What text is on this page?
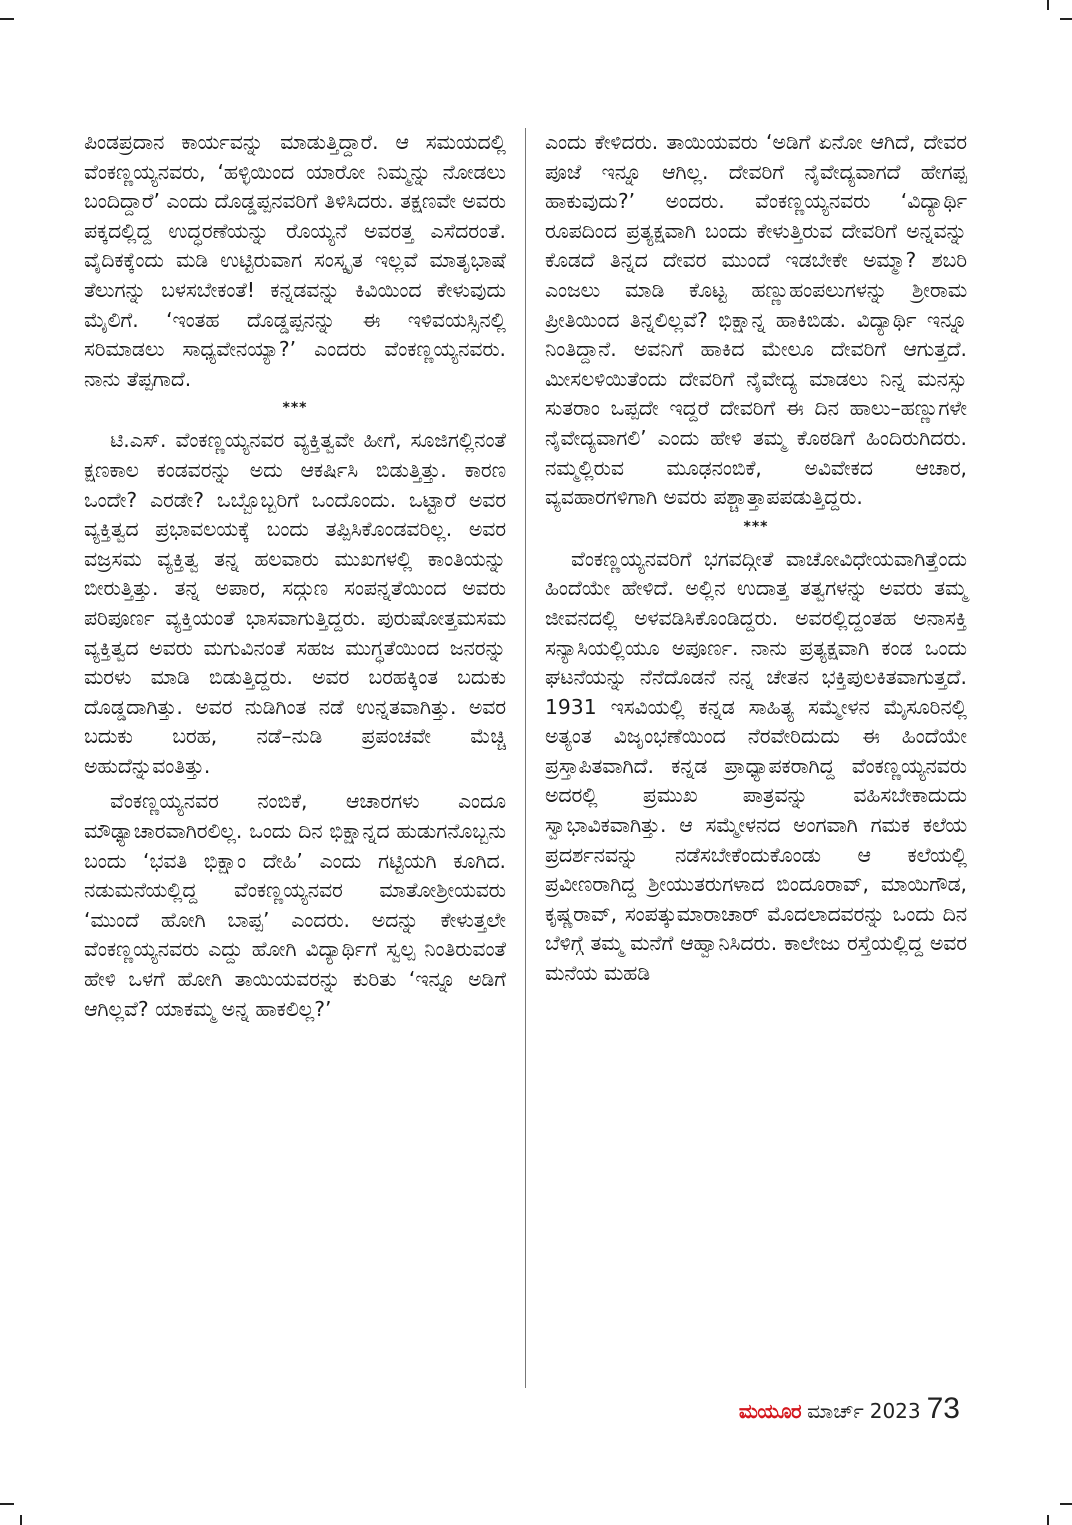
ಪಿಂಡಪ್ರದಾನ ಕಾರ್ಯವನ್ನು ಮಾಡುತ್ತಿದ್ದಾರೆ. ಆ ಸಮಯದಲ್ಲಿ ವೆಂಕಣ್ಣಯ್ಯನವರು, ‘ಹಳ್ಳಿಯಿಂದ ಯಾರೋ ನಿಮ್ಮನ್ನು ನೋಡಲು ಬಂದಿದ್ದಾರೆ’ ಎಂದು ದೊಡ್ಡಪ್ಪನವರಿಗೆ ತಿಳಿಸಿದರು. ತಕ್ಷಣವೇ ಅವರು ಪಕ್ಕದಲ್ಲಿದ್ದ ಉದ್ಧರಣೆಯನ್ನು ರೊಯ್ಯನೆ ಅವರತ್ತ ಎಸೆದರಂತೆ. ವೈದಿಕಕ್ಕೆಂದು ಮಡಿ ಉಟ್ಟಿರುವಾಗ ಸಂಸ್ಕೃತ ಇಲ್ಲವೆ ಮಾತೃಭಾಷೆ ತೆಲುಗನ್ನು ಬಳಸಬೇಕಂತೆ! ಕನ್ನಡವನ್ನು ಕಿವಿಯಿಂದ ಕೇಳುವುದು ಮೈಲಿಗೆ. ‘ಇಂತಹ ದೊಡ್ಡಪ್ಪನನ್ನು ಈ ಇಳಿವಯಸ್ಸಿನಲ್ಲಿ ಸರಿಮಾಡಲು ಸಾಧ್ಯವೇನಯ್ಯಾ?’ ಎಂದರು ವೆಂಕಣ್ಣಯ್ಯನವರು. ನಾನು ತೆಪ್ಪಗಾದೆ.

***

ಟಿ.ಎಸ್. ವೆಂಕಣ್ಣಯ್ಯನವರ ವ್ಯಕ್ತಿತ್ವವೇ ಹೀಗೆ, ಸೂಜಿಗಲ್ಲಿನಂತೆ ಕ್ಷಣಕಾಲ ಕಂಡವರನ್ನು ಅದು ಆಕರ್ಷಿಸಿ ಬಿಡುತ್ತಿತ್ತು. ಕಾರಣ ಒಂದೇ? ಎರಡೇ? ಒಬ್ಬೊಬ್ಬರಿಗೆ ಒಂದೊಂದು. ಒಟ್ಟಾರೆ ಅವರ ವ್ಯಕ್ತಿತ್ವದ ಪ್ರಭಾವಲಯಕ್ಕೆ ಬಂದು ತಪ್ಪಿಸಿಕೊಂಡವರಿಲ್ಲ. ಅವರ ವಜ್ರಸಮ ವ್ಯಕ್ತಿತ್ವ ತನ್ನ ಹಲವಾರು ಮುಖಗಳಲ್ಲಿ ಕಾಂತಿಯನ್ನು ಬೀರುತ್ತಿತ್ತು. ತನ್ನ ಅಪಾರ, ಸದ್ಗುಣ ಸಂಪನ್ನತೆಯಿಂದ ಅವರು ಪರಿಪೂರ್ಣ ವ್ಯಕ್ತಿಯಂತೆ ಭಾಸವಾಗುತ್ತಿದ್ದರು. ಪುರುಷೋತ್ತಮಸಮ ವ್ಯಕ್ತಿತ್ವದ ಅವರು ಮಗುವಿನಂತೆ ಸಹಜ ಮುಗ್ಧತೆಯಿಂದ ಜನರನ್ನು ಮರಳು ಮಾಡಿ ಬಿಡುತ್ತಿದ್ದರು. ಅವರ ಬರಹಕ್ಕಿಂತ ಬದುಕು ದೊಡ್ಡದಾಗಿತ್ತು. ಅವರ ನುಡಿಗಿಂತ ನಡೆ ಉನ್ನತವಾಗಿತ್ತು. ಅವರ ಬದುಕು ಬರಹ, ನಡೆ–ನುಡಿ ಪ್ರಪಂಚವೇ ಮೆಚ್ಚಿ ಅಹುದೆನ್ನುವಂತಿತ್ತು.

ವೆಂಕಣ್ಣಯ್ಯನವರ ನಂಬಿಕೆ, ಆಚಾರಗಳು ಎಂದೂ ಮೌಢ್ಯಾಚಾರವಾಗಿರಲಿಲ್ಲ. ಒಂದು ದಿನ ಭಿಕ್ಷಾನ್ನದ ಹುಡುಗನೊಬ್ಬನು ಬಂದು ‘ಭವತಿ ಭಿಕ್ಷಾಂ ದೇಹಿ’ ಎಂದು ಗಟ್ಟಿಯಗಿ ಕೂಗಿದ. ನಡುಮನೆಯಲ್ಲಿದ್ದ ವೆಂಕಣ್ಣಯ್ಯನವರ ಮಾತೋಶ್ರೀಯವರು ‘ಮುಂದೆ ಹೋಗಿ ಬಾಪ್ಪ’ ಎಂದರು. ಅದನ್ನು ಕೇಳುತ್ತಲೇ ವೆಂಕಣ್ಣಯ್ಯನವರು ಎದ್ದು ಹೋಗಿ ವಿದ್ಯಾರ್ಥಿಗೆ ಸ್ವಲ್ಪ ನಿಂತಿರುವಂತೆ ಹೇಳಿ ಒಳಗೆ ಹೋಗಿ ತಾಯಿಯವರನ್ನು ಕುರಿತು ‘ಇನ್ನೂ ಅಡಿಗೆ ಆಗಿಲ್ಲವೆ? ಯಾಕಮ್ಮ ಅನ್ನ ಹಾಕಲಿಲ್ಲ?’

ಎಂದು ಕೇಳಿದರು. ತಾಯಿಯವರು ‘ಅಡಿಗೆ ಏನೋ ಆಗಿದೆ, ದೇವರ ಪೂಜೆ ಇನ್ನೂ ಆಗಿಲ್ಲ. ದೇವರಿಗೆ ನೈವೇದ್ಯವಾಗದೆ ಹೇಗಪ್ಪ ಹಾಕುವುದು?’ ಅಂದರು. ವೆಂಕಣ್ಣಯ್ಯನವರು ‘ವಿದ್ಯಾರ್ಥಿ ರೂಪದಿಂದ ಪ್ರತ್ಯಕ್ಷವಾಗಿ ಬಂದು ಕೇಳುತ್ತಿರುವ ದೇವರಿಗೆ ಅನ್ನವನ್ನು ಕೊಡದೆ ತಿನ್ನದ ದೇವರ ಮುಂದೆ ಇಡಬೇಕೇ ಅಮ್ಮಾ? ಶಬರಿ ಎಂಜಲು ಮಾಡಿ ಕೊಟ್ಟ ಹಣ್ಣುಹಂಪಲುಗಳನ್ನು ಶ್ರೀರಾಮ ಪ್ರೀತಿಯಿಂದ ತಿನ್ನಲಿಲ್ಲವೆ? ಭಿಕ್ಷಾನ್ನ ಹಾಕಿಬಿಡು. ವಿದ್ಯಾರ್ಥಿ ಇನ್ನೂ ನಿಂತಿದ್ದಾನೆ. ಅವನಿಗೆ ಹಾಕಿದ ಮೇಲೂ ದೇವರಿಗೆ ಆಗುತ್ತದೆ. ಮೀಸಲಳಿಯಿತೆಂದು ದೇವರಿಗೆ ನೈವೇದ್ಯ ಮಾಡಲು ನಿನ್ನ ಮನಸ್ಸು ಸುತರಾಂ ಒಪ್ಪದೇ ಇದ್ದರೆ ದೇವರಿಗೆ ಈ ದಿನ ಹಾಲು–ಹಣ್ಣುಗಳೇ ನೈವೇದ್ಯವಾಗಲಿ’ ಎಂದು ಹೇಳಿ ತಮ್ಮ ಕೊಠಡಿಗೆ ಹಿಂದಿರುಗಿದರು. ನಮ್ಮಲ್ಲಿರುವ ಮೂಢನಂಬಿಕೆ, ಅವಿವೇಕದ ಆಚಾರ, ವ್ಯವಹಾರಗಳಿಗಾಗಿ ಅವರು ಪಶ್ಚಾತ್ತಾಪಪಡುತ್ತಿದ್ದರು.

***

ವೆಂಕಣ್ಣಯ್ಯನವರಿಗೆ ಭಗವದ್ಗೀತೆ ವಾಚೋವಿಧೇಯವಾಗಿತ್ತೆಂದು ಹಿಂದೆಯೇ ಹೇಳಿದೆ. ಅಲ್ಲಿನ ಉದಾತ್ತ ತತ್ವಗಳನ್ನು ಅವರು ತಮ್ಮ ಜೀವನದಲ್ಲಿ ಅಳವಡಿಸಿಕೊಂಡಿದ್ದರು. ಅವರಲ್ಲಿದ್ದಂತಹ ಅನಾಸಕ್ತಿ ಸನ್ಯಾಸಿಯಲ್ಲಿಯೂ ಅಪೂರ್ಣ. ನಾನು ಪ್ರತ್ಯಕ್ಷವಾಗಿ ಕಂಡ ಒಂದು ಘಟನೆಯನ್ನು ನೆನೆದೊಡನೆ ನನ್ನ ಚೇತನ ಭಕ್ತಿಪುಲಕಿತವಾಗುತ್ತದೆ. 1931 ಇಸವಿಯಲ್ಲಿ ಕನ್ನಡ ಸಾಹಿತ್ಯ ಸಮ್ಮೇಳನ ಮೈಸೂರಿನಲ್ಲಿ ಅತ್ಯಂತ ವಿಜೃಂಭಣೆಯಿಂದ ನೆರವೇರಿದುದು ಈ ಹಿಂದೆಯೇ ಪ್ರಸ್ತಾಪಿತವಾಗಿದೆ. ಕನ್ನಡ ಪ್ರಾಧ್ಯಾಪಕರಾಗಿದ್ದ ವೆಂಕಣ್ಣಯ್ಯನವರು ಅದರಲ್ಲಿ ಪ್ರಮುಖ ಪಾತ್ರವನ್ನು ವಹಿಸಬೇಕಾದುದು ಸ್ವಾಭಾವಿಕವಾಗಿತ್ತು. ಆ ಸಮ್ಮೇಳನದ ಅಂಗವಾಗಿ ಗಮಕ ಕಲೆಯ ಪ್ರದರ್ಶನವನ್ನು ನಡೆಸಬೇಕೆಂದುಕೊಂಡು ಆ ಕಲೆಯಲ್ಲಿ ಪ್ರವೀಣರಾಗಿದ್ದ ಶ್ರೀಯುತರುಗಳಾದ ಬಿಂದೂರಾವ್, ಮಾಯಿಗೌಡ, ಕೃಷ್ಣರಾವ್, ಸಂಪತ್ಕುಮಾರಾಚಾರ್ ಮೊದಲಾದವರನ್ನು ಒಂದು ದಿನ ಬೆಳಿಗ್ಗೆ ತಮ್ಮ ಮನೆಗೆ ಆಹ್ವಾನಿಸಿದರು. ಕಾಲೇಜು ರಸ್ತೆಯಲ್ಲಿದ್ದ ಅವರ ಮನೆಯ ಮಹಡಿ

ಮಯೂರ ಮಾರ್ಚ್ 2023 73
